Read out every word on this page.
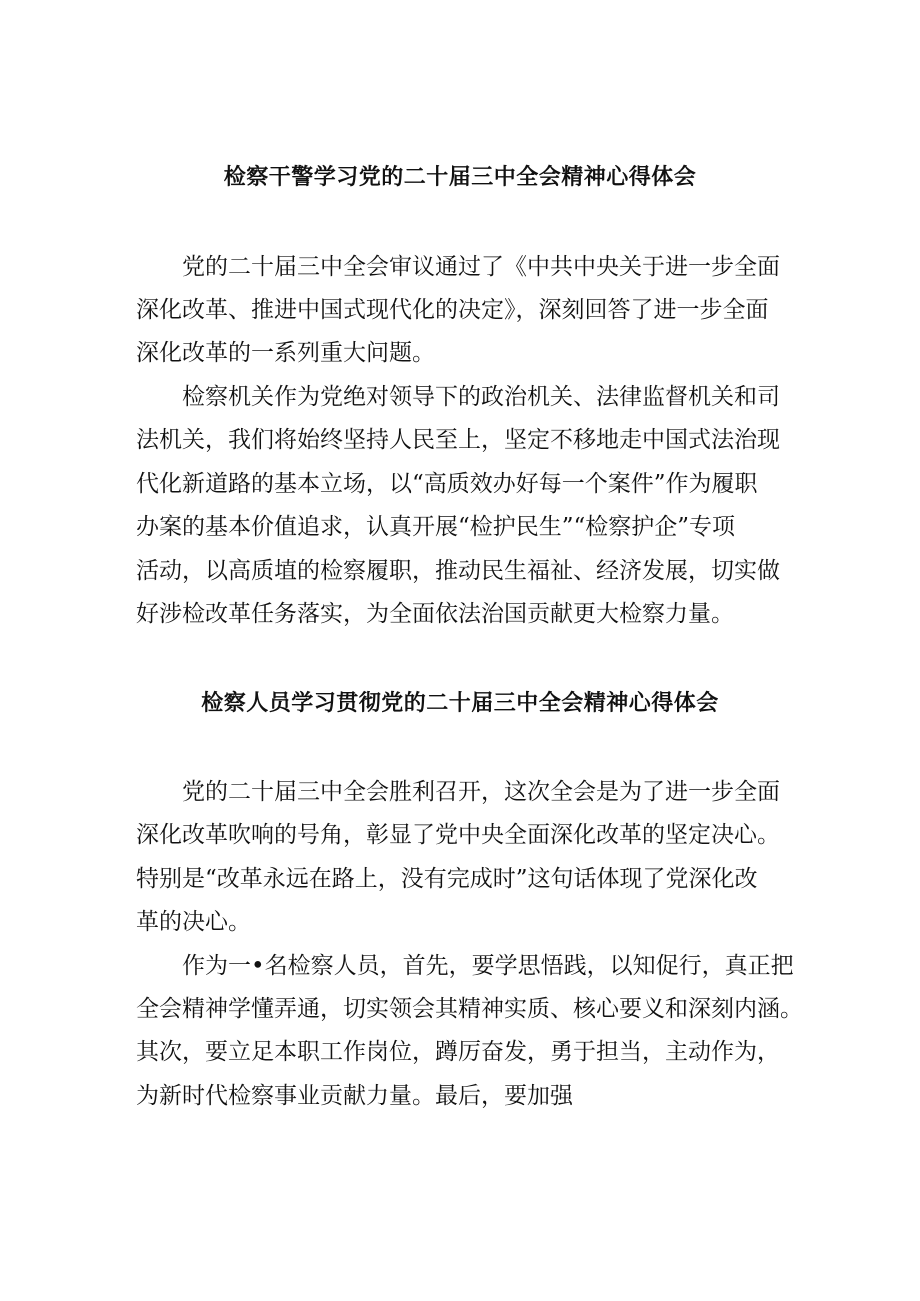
检察干警学习党的二十届三中全会精神心得体会
党的二十届三中全会审议通过了《中共中央关于进一步全面
深化改革、推进中国式现代化的决定》，深刻回答了进一步全面
深化改革的一系列重大问题。
检察机关作为党绝对领导下的政治机关、法律监督机关和司
法机关，我们将始终坚持人民至上，坚定不移地走中国式法治现
代化新道路的基本立场，以“高质效办好每一个案件”作为履职
办案的基本价值追求，认真开展“检护民生”“检察护企”专项
活动，以高质埴的检察履职，推动民生福祉、经济发展，切实做
好涉检改革任务落实，为全面依法治国贡献更大检察力量。
检察人员学习贯彻党的二十届三中全会精神心得体会
党的二十届三中全会胜利召开，这次全会是为了进一步全面
深化改革吹响的号角，彰显了党中央全面深化改革的坚定决心。
特别是“改革永远在路上，没有完成时”这句话体现了党深化改
革的决心。
作为一•名检察人员，首先，要学思悟践，以知促行，真正把
全会精神学懂弄通，切实领会其精神实质、核心要义和深刻内涵。
其次，要立足本职工作岗位，蹲厉奋发，勇于担当，主动作为，
为新时代检察事业贡献力量。最后，要加强
